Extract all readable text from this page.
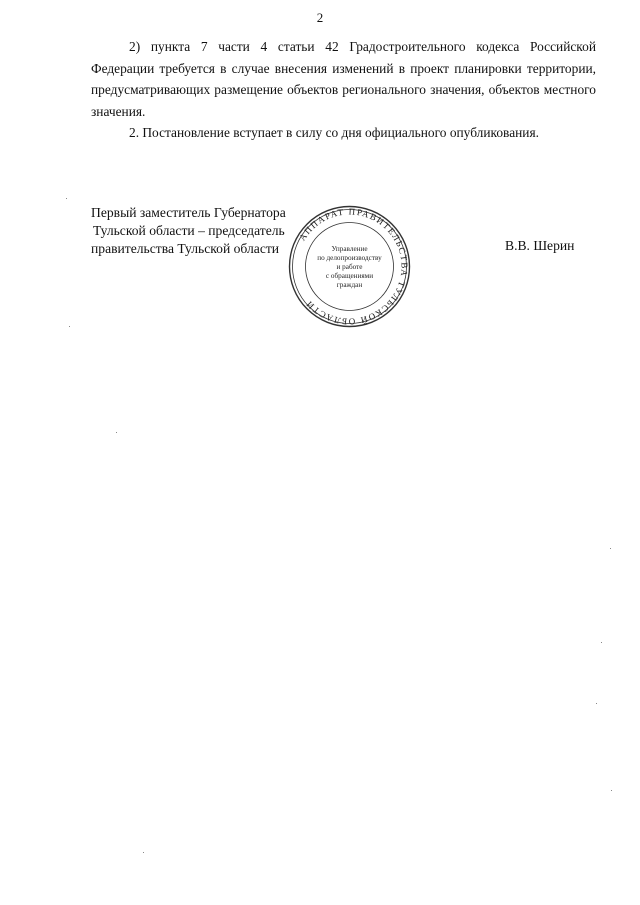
2

2) пункта 7 части 4 статьи 42 Градостроительного кодекса Российской Федерации требуется в случае внесения изменений в проект планировки территории, предусматривающих размещение объектов регионального значения, объектов местного значения.

2. Постановление вступает в силу со дня официального опубликования.

Первый заместитель Губернатора
Тульской области – председатель
правительства Тульской области	В.В. Шерин
АППАРАТ ПРАВИТЕЛЬСТВА ТУЛЬСКОЙ ОБЛАСТИ
Управление
по делопроизводству
и работе
с обращениями
граждан
